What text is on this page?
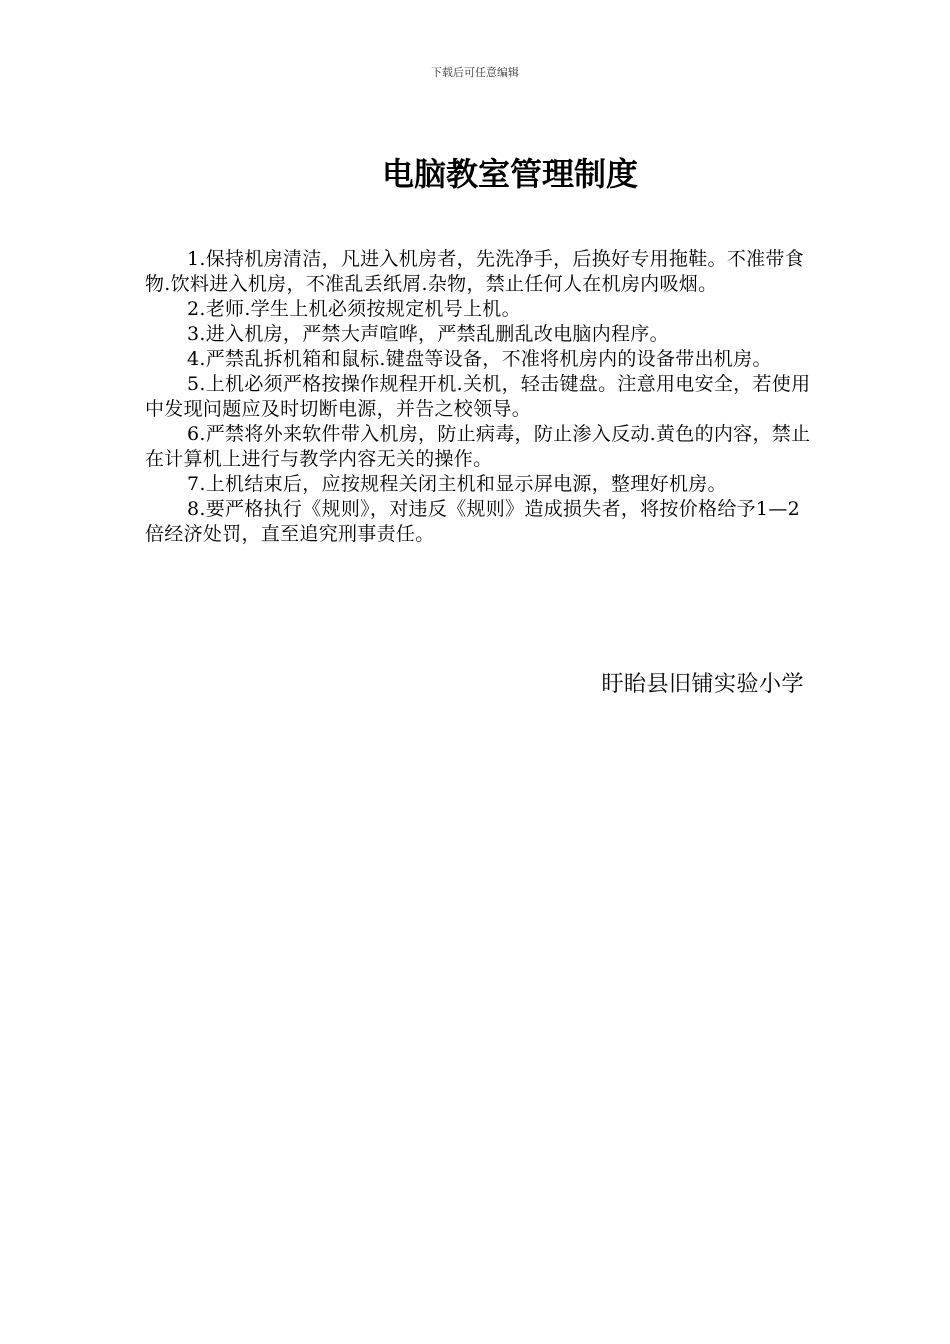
下载后可任意编辑
电脑教室管理制度
1.保持机房清洁，凡进入机房者，先洗净手，后换好专用拖鞋。不准带食物.饮料进入机房，不准乱丢纸屑.杂物，禁止任何人在机房内吸烟。
2.老师.学生上机必须按规定机号上机。
3.进入机房，严禁大声喧哗，严禁乱删乱改电脑内程序。
4.严禁乱拆机箱和鼠标.键盘等设备，不准将机房内的设备带出机房。
5.上机必须严格按操作规程开机.关机，轻击键盘。注意用电安全，若使用中发现问题应及时切断电源，并告之校领导。
6.严禁将外来软件带入机房，防止病毒，防止渗入反动.黄色的内容，禁止在计算机上进行与教学内容无关的操作。
7.上机结束后，应按规程关闭主机和显示屏电源，整理好机房。
8.要严格执行《规则》，对违反《规则》造成损失者，将按价格给予1—2倍经济处罚，直至追究刑事责任。
盱眙县旧铺实验小学
